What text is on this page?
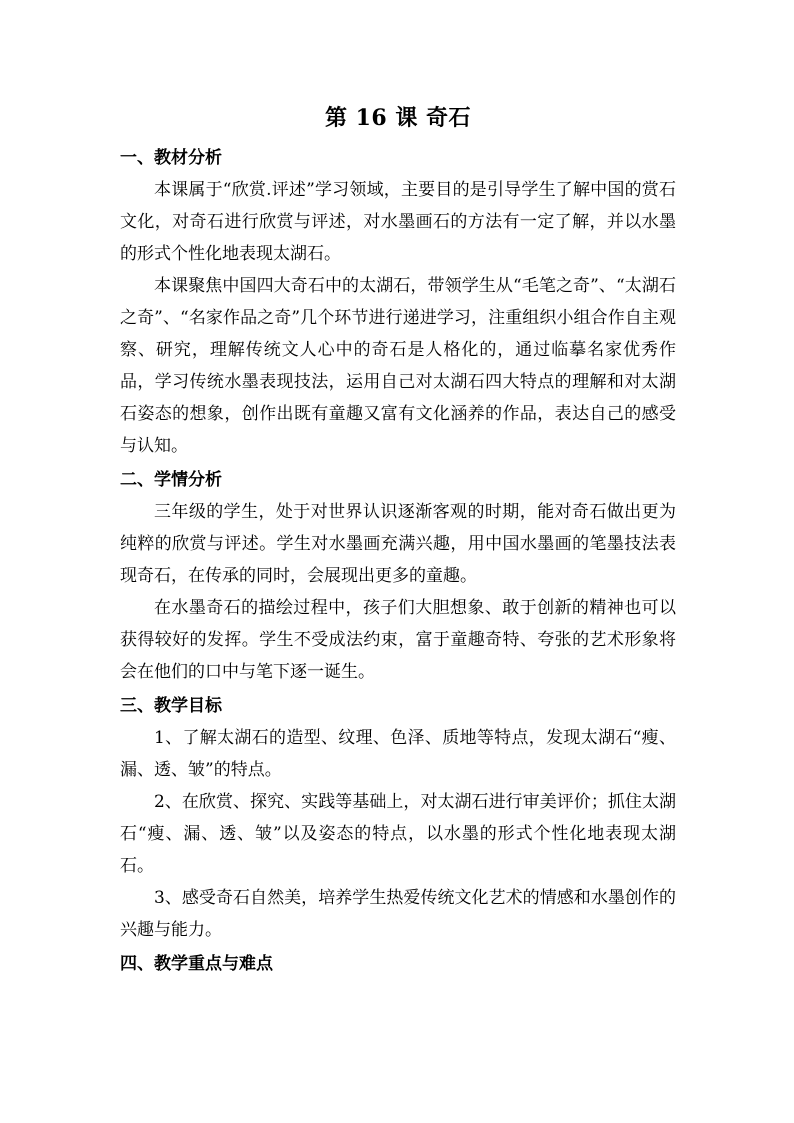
第 16 课 奇石
一、教材分析

本课属于“欣赏.评述”学习领域，主要目的是引导学生了解中国的赏石文化，对奇石进行欣赏与评述，对水墨画石的方法有一定了解，并以水墨的形式个性化地表现太湖石。

本课聚焦中国四大奇石中的太湖石，带领学生从“毛笔之奇”、“太湖石之奇”、“名家作品之奇”几个环节进行递进学习，注重组织小组合作自主观察、研究，理解传统文人心中的奇石是人格化的，通过临摹名家优秀作品，学习传统水墨表现技法，运用自己对太湖石四大特点的理解和对太湖石姿态的想象，创作出既有童趣又富有文化涵养的作品，表达自己的感受与认知。

二、学情分析

三年级的学生，处于对世界认识逐渐客观的时期，能对奇石做出更为纯粹的欣赏与评述。学生对水墨画充满兴趣，用中国水墨画的笔墨技法表现奇石，在传承的同时，会展现出更多的童趣。

在水墨奇石的描绘过程中，孩子们大胆想象、敢于创新的精神也可以获得较好的发挥。学生不受成法约束，富于童趣奇特、夸张的艺术形象将会在他们的口中与笔下逐一诞生。

三、教学目标

1、了解太湖石的造型、纹理、色泽、质地等特点，发现太湖石“瘦、漏、透、皱”的特点。

2、在欣赏、探究、实践等基础上，对太湖石进行审美评价；抓住太湖石“瘦、漏、透、皱”以及姿态的特点，以水墨的形式个性化地表现太湖石。

3、感受奇石自然美，培养学生热爱传统文化艺术的情感和水墨创作的兴趣与能力。

四、教学重点与难点
